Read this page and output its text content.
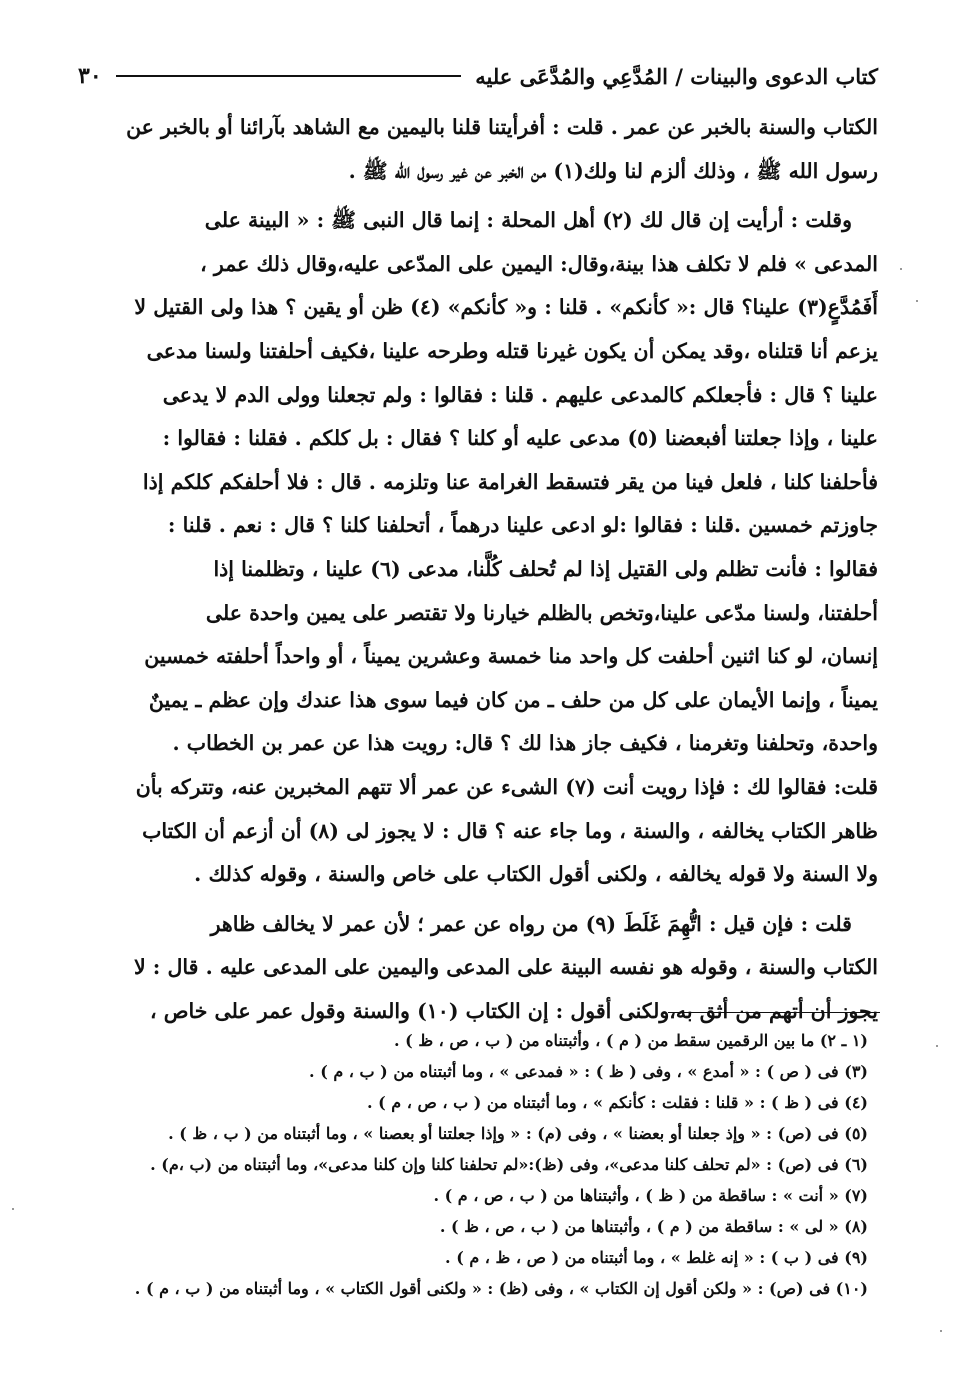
كتاب الدعوى والبينات / المُدَّعِي والمُدَّعَى عليه
٣٠
الكتاب والسنة بالخبر عن عمر . قلت : أفرأيتنا قلنا باليمين مع الشاهد بآرائنا أو بالخبر عن
رسول الله ﷺ ، وذلك ألزم لنا ولك(١) من الخبر عن غير رسول الله ﷺ .
وقلت : أرأيت إن قال لك (٢) أهل المحلة : إنما قال النبى ﷺ : « البينة على
المدعى » فلم لا تكلف هذا بينة،وقال: اليمين على المدّعى عليه،وقال ذلك عمر ،
أَفَمُدَّعٍ(٣) علينا؟ قال :« كأنكم» . قلنا : و« كأنكم» (٤) ظن أو يقين ؟ هذا ولى القتيل لا
يزعم أنا قتلناه ،وقد يمكن أن يكون غيرنا قتله وطرحه علينا ،فكيف أحلفتنا ولسنا مدعى
علينا ؟ قال : فأجعلكم كالمدعى عليهم . قلنا : فقالوا : ولم تجعلنا وولى الدم لا يدعى
علينا ، وإذا جعلتنا أفبعضنا (٥) مدعى عليه أو كلنا ؟ فقال : بل كلكم . فقلنا : فقالوا :
فأحلفنا كلنا ، فلعل فينا من يقر فتسقط الغرامة عنا وتلزمه . قال : فلا أحلفكم كلكم إذا
جاوزتم خمسين .قلنا : فقالوا :لو ادعى علينا درهماً ، أتحلفنا كلنا ؟ قال : نعم . قلنا :
فقالوا : فأنت تظلم ولى القتيل إذا لم تُحلف كُلَّنا، مدعى (٦) علينا ، وتظلمنا إذا
أحلفتنا، ولسنا مدّعى علينا،وتخص بالظلم خيارنا ولا تقتصر على يمين واحدة على
إنسان، لو كنا اثنين أحلفت كل واحد منا خمسة وعشرين يميناً ، أو واحداً أحلفته خمسين
يميناً ، وإنما الأيمان على كل من حلف ـ من كان فيما سوى هذا عندك وإن عظم ـ يمينٌ
واحدة، وتحلفنا وتغرمنا ، فكيف جاز هذا لك ؟ قال: رويت هذا عن عمر بن الخطاب .
قلت: فقالوا لك : فإذا رويت أنت (٧) الشىء عن عمر ألا تتهم المخبرين عنه، وتتركه بأن
ظاهر الكتاب يخالفه ، والسنة ، وما جاء عنه ؟ قال : لا يجوز لى (٨) أن أزعم أن الكتاب
ولا السنة ولا قوله يخالفه ، ولكنى أقول الكتاب على خاص والسنة ، وقوله كذلك .
قلت : فإن قيل : اتُّهِمَ غَلَطَ (٩) من رواه عن عمر ؛ لأن عمر لا يخالف ظاهر
الكتاب والسنة ، وقوله هو نفسه البينة على المدعى واليمين على المدعى عليه . قال : لا
يجوز أن أتهم من أثق به،ولكنى أقول : إن الكتاب (١٠) والسنة وقول عمر على خاص ،
(١ ـ ٢) ما بين الرقمين سقط من ( م ) ، وأثبتناه من ( ب ، ص ، ظ ) .
(٣) فى ( ص ) : « أمدع » ، وفى ( ظ ) : « فمدعى » ، وما أثبتناه من ( ب ، م ) .
(٤) فى ( ظ ) : « قلنا : فقلت : كأنكم » ، وما أثبتناه من ( ب ، ص ، م ) .
(٥) فى (ص) : « وإذ جعلنا أو بعضنا » ، وفى (م) : « وإذا جعلتنا أو بعصنا » ، وما أثبتناه من ( ب ، ظ ) .
(٦) فى (ص) : «لم تحلف كلنا مدعى»، وفى (ظ):«لم تحلفنا كلنا وإن كلنا مدعى»، وما أثبتناه من (ب ،م) .
(٧) « أنت » : ساقطة من ( ظ ) ، وأثبتناها من ( ب ، ص ، م ) .
(٨) « لى » : ساقطة من ( م ) ، وأثبتناها من ( ب ، ص ، ظ ) .
(٩) فى ( ب ) : « إنه غلط » ، وما أثبتناه من ( ص ، ظ ، م ) .
(١٠) فى (ص) : « ولكن أقول إن الكتاب » ، وفى (ظ) : « ولكنى أقول الكتاب » ، وما أثبتناه من ( ب ، م ) .
